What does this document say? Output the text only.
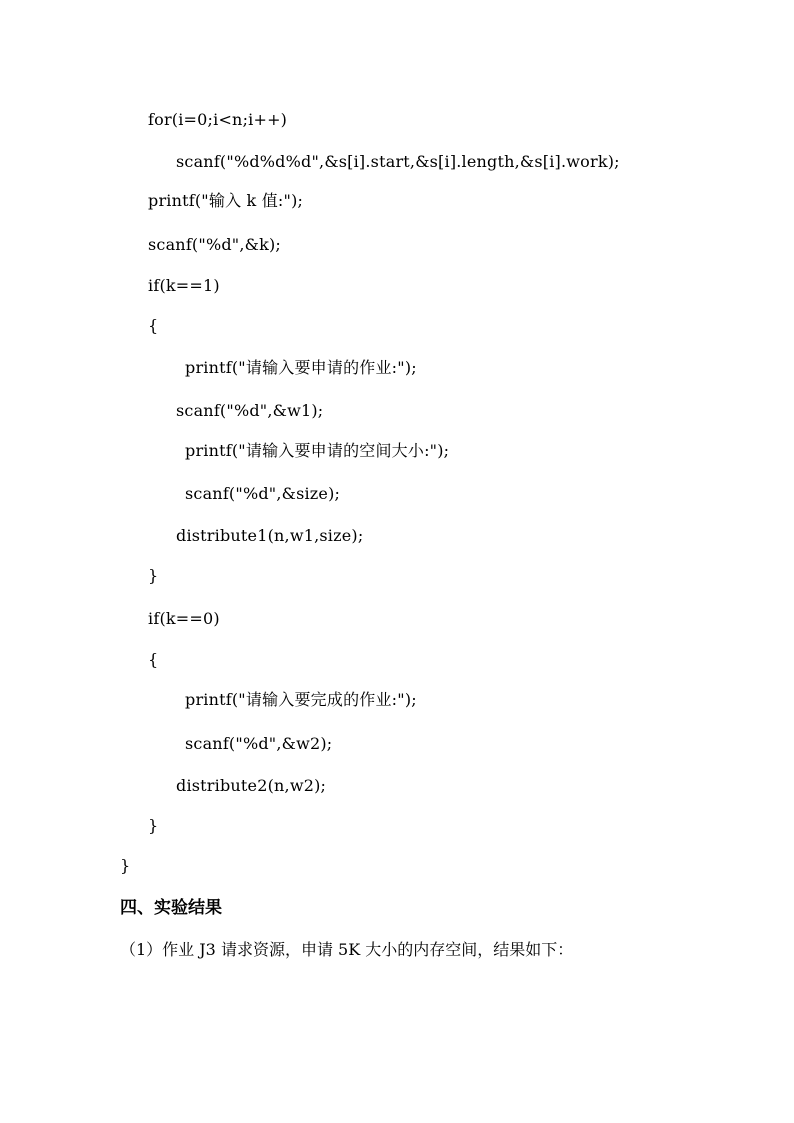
for(i=0;i<n;i++)
scanf("%d%d%d",&s[i].start,&s[i].length,&s[i].work);
printf("输入 k 值:");
scanf("%d",&k);
if(k==1)
{
printf("请输入要申请的作业:");
scanf("%d",&w1);
printf("请输入要申请的空间大小:");
scanf("%d",&size);
distribute1(n,w1,size);
}
if(k==0)
{
printf("请输入要完成的作业:");
scanf("%d",&w2);
distribute2(n,w2);
}
}
四、实验结果
（1）作业 J3 请求资源，申请 5K 大小的内存空间，结果如下：
